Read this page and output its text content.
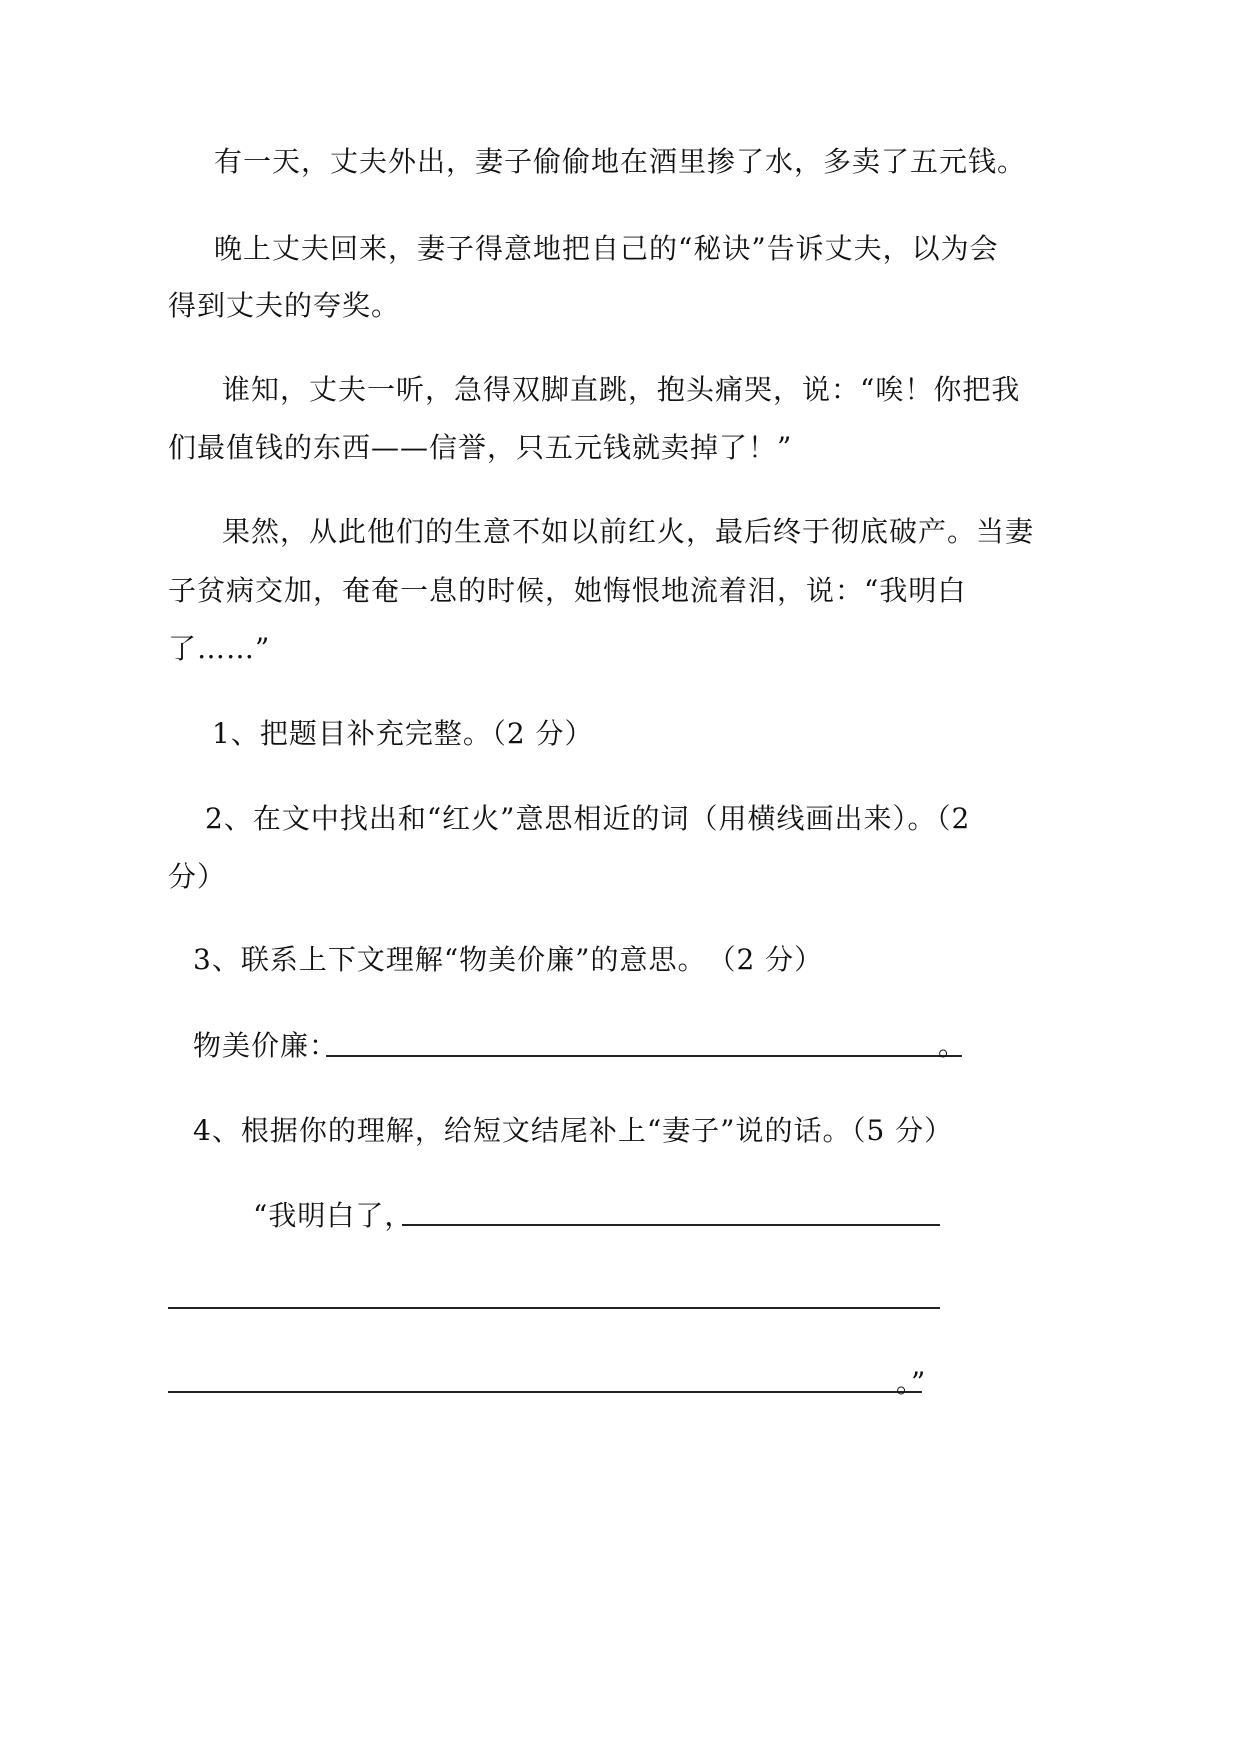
有一天，丈夫外出，妻子偷偷地在酒里掺了水，多卖了五元钱。
晚上丈夫回来，妻子得意地把自己的“秘诀”告诉丈夫，以为会
得到丈夫的夸奖。
谁知，丈夫一听，急得双脚直跳，抱头痛哭，说：“唉！你把我
们最值钱的东西——信誉，只五元钱就卖掉了！”
果然，从此他们的生意不如以前红火，最后终于彻底破产。当妻
子贫病交加，奄奄一息的时候，她悔恨地流着泪，说：“我明白
了……”
1、把题目补充完整。（2 分）
2、在文中找出和“红火”意思相近的词（用横线画出来）。（2
分）
3、联系上下文理解“物美价廉”的意思。　（2 分）
物美价廉：	。
4、根据你的理解，给短文结尾补上“妻子”说的话。（5 分）
“我明白了，
。”
